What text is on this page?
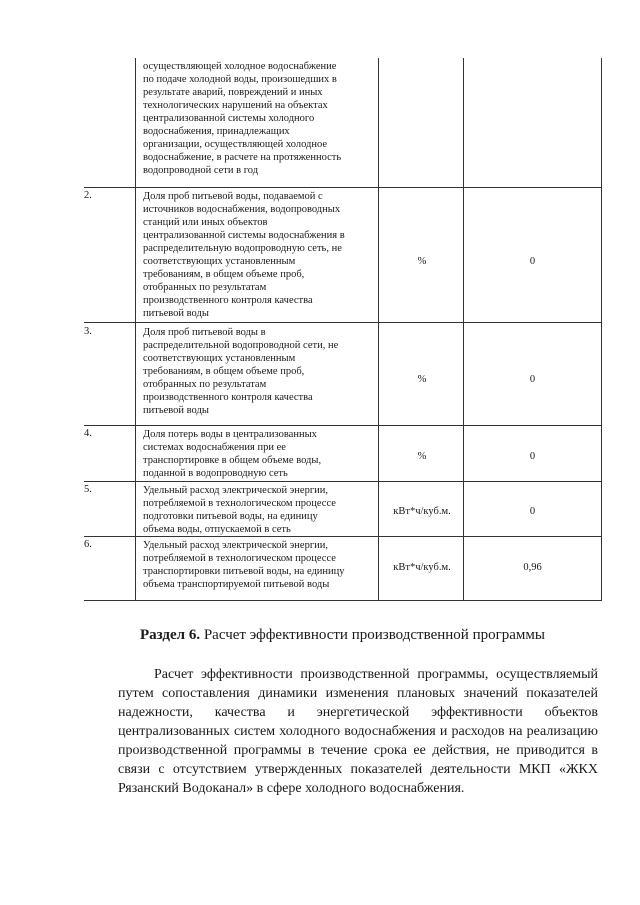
осуществляющей холодное водоснабжение
по подаче холодной воды, произошедших в
результате аварий, повреждений и иных
технологических нарушений на объектах
централизованной системы холодного
водоснабжения, принадлежащих
организации, осуществляющей холодное
водоснабжение, в расчете на протяженность
водопроводной сети в год
2.	Доля проб питьевой воды, подаваемой с
источников водоснабжения, водопроводных
станций или иных объектов
централизованной системы водоснабжения в
распределительную водопроводную сеть, не
соответствующих установленным
требованиям, в общем объеме проб,
отобранных по результатам
производственного контроля качества
питьевой воды
%	0
3.	Доля проб питьевой воды в
распределительной водопроводной сети, не
соответствующих установленным
требованиям, в общем объеме проб,
отобранных по результатам
производственного контроля качества
питьевой воды
%	0
4.	Доля потерь воды в централизованных
системах водоснабжения при ее
транспортировке в общем объеме воды,
поданной в водопроводную сеть
%	0
5.	Удельный расход электрической энергии,
потребляемой в технологическом процессе
подготовки питьевой воды, на единицу
объема воды, отпускаемой в сеть
кВт*ч/куб.м.	0
6.	Удельный расход электрической энергии,
потребляемой в технологическом процессе
транспортировки питьевой воды, на единицу
объема транспортируемой питьевой воды
кВт*ч/куб.м.	0,96
Раздел 6. Расчет эффективности производственной программы
Расчет эффективности производственной программы, осуществляемый путем сопоставления динамики изменения плановых значений показателей надежности, качества и энергетической эффективности объектов централизованных систем холодного водоснабжения и расходов на реализацию производственной программы в течение срока ее действия, не приводится в связи с отсутствием утвержденных показателей деятельности МКП «ЖКХ Рязанский Водоканал» в сфере холодного водоснабжения.
